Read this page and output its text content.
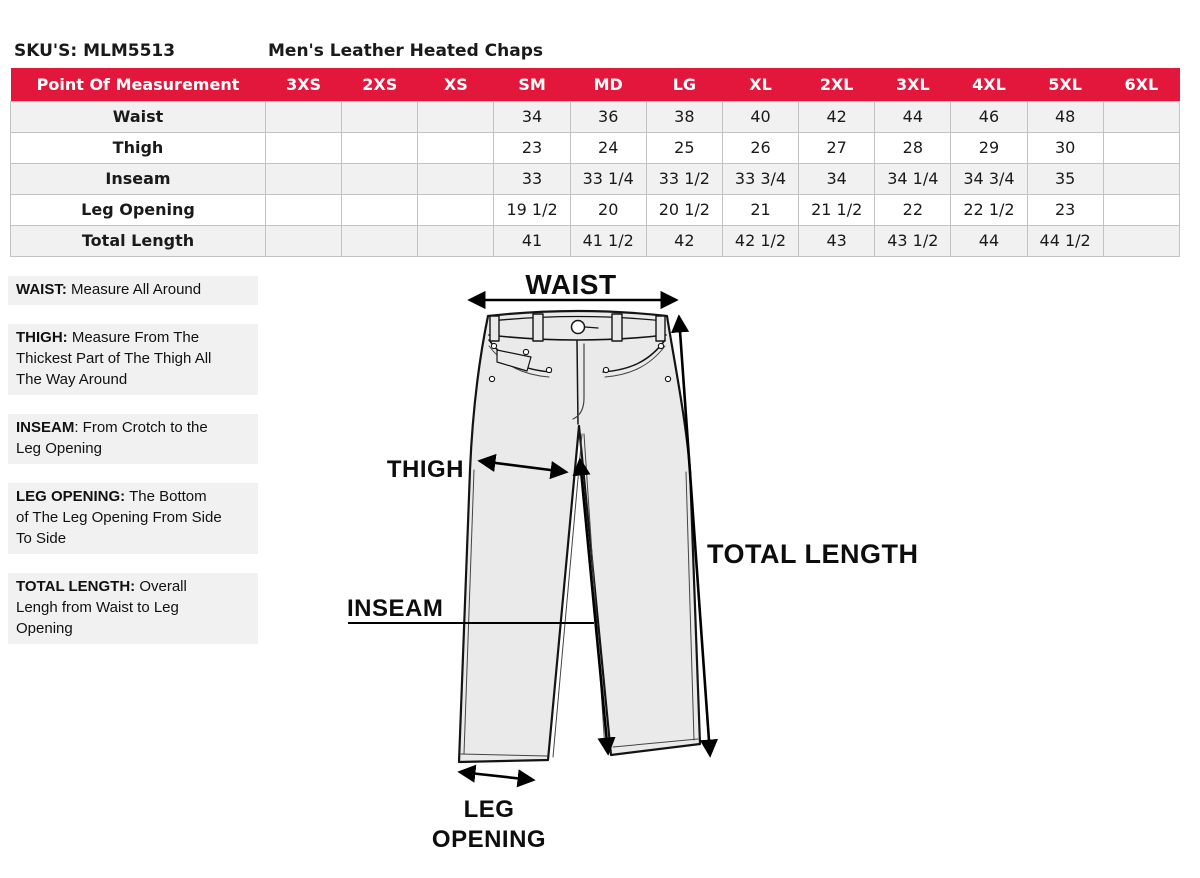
SKU'S: MLM5513	Men's Leather Heated Chaps
Point Of Measurement	3XS	2XS	XS	SM	MD	LG	XL	2XL	3XL	4XL	5XL	6XL
Waist				34	36	38	40	42	44	46	48	
Thigh				23	24	25	26	27	28	29	30	
Inseam				33	33 1/4	33 1/2	33 3/4	34	34 1/4	34 3/4	35	
Leg Opening				19 1/2	20	20 1/2	21	21 1/2	22	22 1/2	23	
Total Length				41	41 1/2	42	42 1/2	43	43 1/2	44	44 1/2	
WAIST: Measure All Around
THIGH: Measure From The Thickest Part of The Thigh All The Way Around
INSEAM: From Crotch to the Leg Opening
LEG OPENING: The Bottom of The Leg Opening From Side To Side
TOTAL LENGTH: Overall Lengh from Waist to Leg Opening
WAIST
THIGH
INSEAM
TOTAL LENGTH
LEG
OPENING
